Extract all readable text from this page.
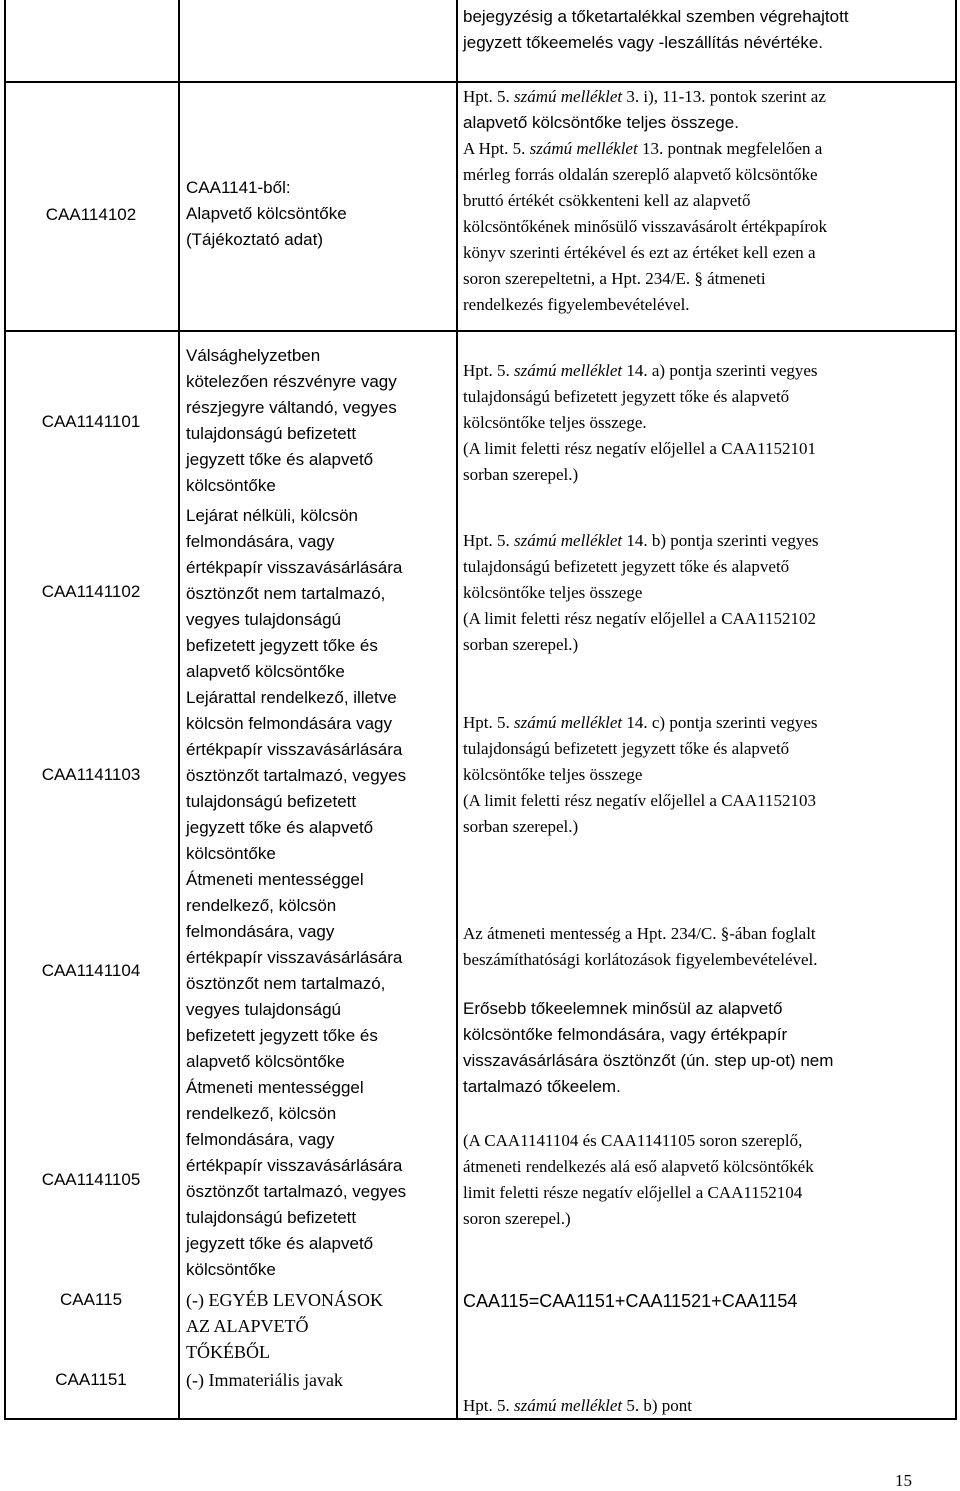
bejegyzésig a tőketartalékkal szemben végrehajtott
jegyzett tőkeemelés vagy -leszállítás névértéke.
CAA114102
CAA1141-ből:
Alapvető kölcsöntőke
(Tájékoztató adat)
Hpt. 5. számú melléklet 3. i), 11-13. pontok szerint az
alapvető kölcsöntőke teljes összege.
A Hpt. 5. számú melléklet 13. pontnak megfelelően a
mérleg forrás oldalán szereplő alapvető kölcsöntőke
bruttó értékét csökkenteni kell az alapvető
kölcsöntőkének minősülő visszavásárolt értékpapírok
könyv szerinti értékével és ezt az értéket kell ezen a
soron szerepeltetni, a Hpt. 234/E. § átmeneti
rendelkezés figyelembevételével.
CAA1141101
CAA1141102
CAA1141103
CAA1141104
CAA1141105
Válsághelyzetben
kötelezően részvényre vagy
részjegyre váltandó, vegyes
tulajdonságú befizetett
jegyzett tőke és alapvető
kölcsöntőke
Lejárat nélküli, kölcsön
felmondására, vagy
értékpapír visszavásárlására
ösztönzőt nem tartalmazó,
vegyes tulajdonságú
befizetett jegyzett tőke és
alapvető kölcsöntőke
Lejárattal rendelkező, illetve
kölcsön felmondására vagy
értékpapír visszavásárlására
ösztönzőt tartalmazó, vegyes
tulajdonságú befizetett
jegyzett tőke és alapvető
kölcsöntőke
Átmeneti mentességgel
rendelkező, kölcsön
felmondására, vagy
értékpapír visszavásárlására
ösztönzőt nem tartalmazó,
vegyes tulajdonságú
befizetett jegyzett tőke és
alapvető kölcsöntőke
Átmeneti mentességgel
rendelkező, kölcsön
felmondására, vagy
értékpapír visszavásárlására
ösztönzőt tartalmazó, vegyes
tulajdonságú befizetett
jegyzett tőke és alapvető
kölcsöntőke
Hpt. 5. számú melléklet 14. a) pontja szerinti vegyes
tulajdonságú befizetett jegyzett tőke és alapvető
kölcsöntőke teljes összege.
(A limit feletti rész negatív előjellel a CAA1152101
sorban szerepel.)
Hpt. 5. számú melléklet 14. b) pontja szerinti vegyes
tulajdonságú befizetett jegyzett tőke és alapvető
kölcsöntőke teljes összege
(A limit feletti rész negatív előjellel a CAA1152102
sorban szerepel.)
Hpt. 5. számú melléklet 14. c) pontja szerinti vegyes
tulajdonságú befizetett jegyzett tőke és alapvető
kölcsöntőke teljes összege
(A limit feletti rész negatív előjellel a CAA1152103
sorban szerepel.)
Az átmeneti mentesség a Hpt. 234/C. §-ában foglalt
beszámíthatósági korlátozások figyelembevételével.
Erősebb tőkeelemnek minősül az alapvető
kölcsöntőke felmondására, vagy értékpapír
visszavásárlására ösztönzőt (ún. step up-ot) nem
tartalmazó tőkeelem.
(A CAA1141104 és CAA1141105 soron szereplő,
átmeneti rendelkezés alá eső alapvető kölcsöntőkék
limit feletti része negatív előjellel a CAA1152104
soron szerepel.)
CAA115	(-) EGYÉB LEVONÁSOK
AZ ALAPVETŐ
TŐKÉBŐL
CAA115=CAA1151+CAA11521+CAA1154
CAA1151	(-) Immateriális javak
Hpt. 5. számú melléklet 5. b) pont
15
